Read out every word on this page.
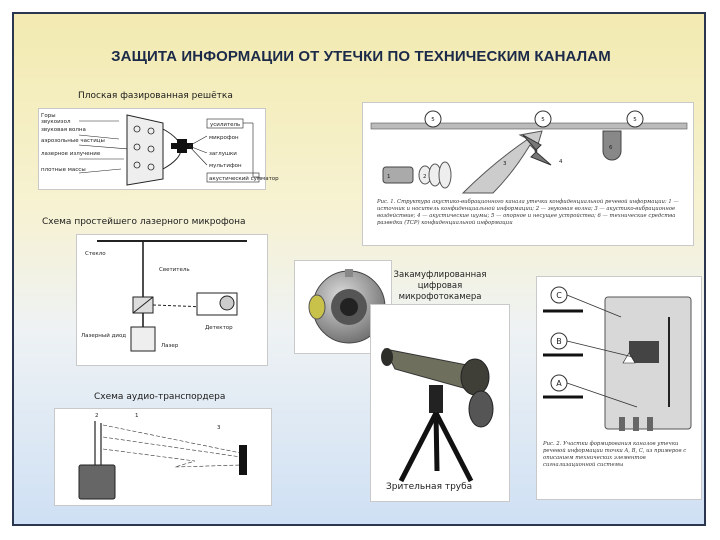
ЗАЩИТА ИНФОРМАЦИИ ОТ УТЕЧКИ ПО ТЕХНИЧЕСКИМ КАНАЛАМ
Плоская фазированная решётка
Горы
звукоизол
звуковая волна
аэрозольные частицы
лазерное излучение
плотные массы
усилитель
микрофон
заглушки
мультифон
акустический сумматор
Схема простейшего лазерного микрофона
Стекло
Светитель
Детектор
Лазерный диод
Лазер
5	5	5
6
1	2
3	4
Рис. 1. Структура акустико-вибрационного канала утечки конфиденциальной речевой информации: 1 — источник и носитель конфиденциальной информации; 2 — звуковая волна; 3 — акустико-вибрационное воздействие; 4 — акустические шумы; 5 — опорное и несущее устройства; 6 — технические средства разведки (ТСР) конфиденциальной информации
Закамуфлированная цифровая микрофотокамера
Зрительная труба
Схема аудио-транспордера
2	1
3
C
B
A
Рис. 2. Участки формирования каналов утечки речевой информации точки A, B, C, из примеров с описанием технических элементов сигнализационной системы
